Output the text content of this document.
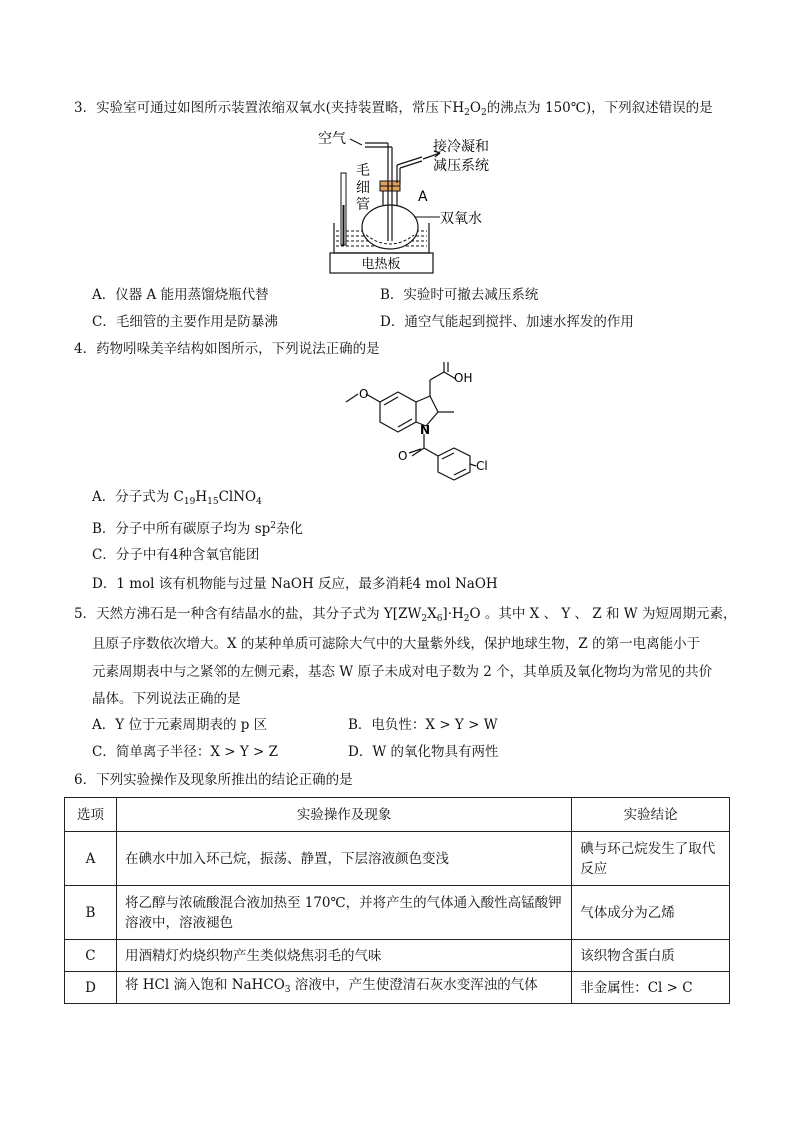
3．实验室可通过如图所示装置浓缩双氧水(夹持装置略，常压下$H_2O_2$的沸点为 150℃)，下列叙述错误的是
电热板
空气	接冷凝和
减压系统
毛
细
管	A
双氧水
A．仪器 A 能用蒸馏烧瓶代替	B．实验时可撤去减压系统
C．毛细管的主要作用是防暴沸	D．通空气能起到搅拌、加速水挥发的作用
4．药物吲哚美辛结构如图所示，下列说法正确的是
O
OH
N
O
Cl
A．分子式为 $C_{19}H_{15}ClNO_4$
B．分子中所有碳原子均为 $sp^2$杂化
C．分子中有4种含氧官能团
D．1 mol 该有机物能与过量 NaOH 反应，最多消耗4 mol NaOH
5．天然方沸石是一种含有结晶水的盐，其分子式为 $Y[ZW_2X_6]\cdot H_2O$ 。其中 X 、 Y 、 Z 和 W 为短周期元素，
且原子序数依次增大。X 的某种单质可滤除大气中的大量紫外线，保护地球生物，Z 的第一电离能小于
元素周期表中与之紧邻的左侧元素，基态 W 原子未成对电子数为 2 个，其单质及氧化物均为常见的共价
晶体。下列说法正确的是
A．Y 位于元素周期表的 p 区	B．电负性：X > Y > W
C．简单离子半径：X > Y > Z	D．W 的氧化物具有两性
6．下列实验操作及现象所推出的结论正确的是
选项	实验操作及现象	实验结论
A	在碘水中加入环己烷，振荡、静置，下层溶液颜色变浅	碘与环己烷发生了取代反应
B	将乙醇与浓硫酸混合液加热至 170℃，并将产生的气体通入酸性高锰酸钾溶液中，溶液褪色	气体成分为乙烯
C	用酒精灯灼烧织物产生类似烧焦羽毛的气味	该织物含蛋白质
D	将 HCl 滴入饱和 NaHCO$_3$ 溶液中，产生使澄清石灰水变浑浊的气体	非金属性：Cl > C
